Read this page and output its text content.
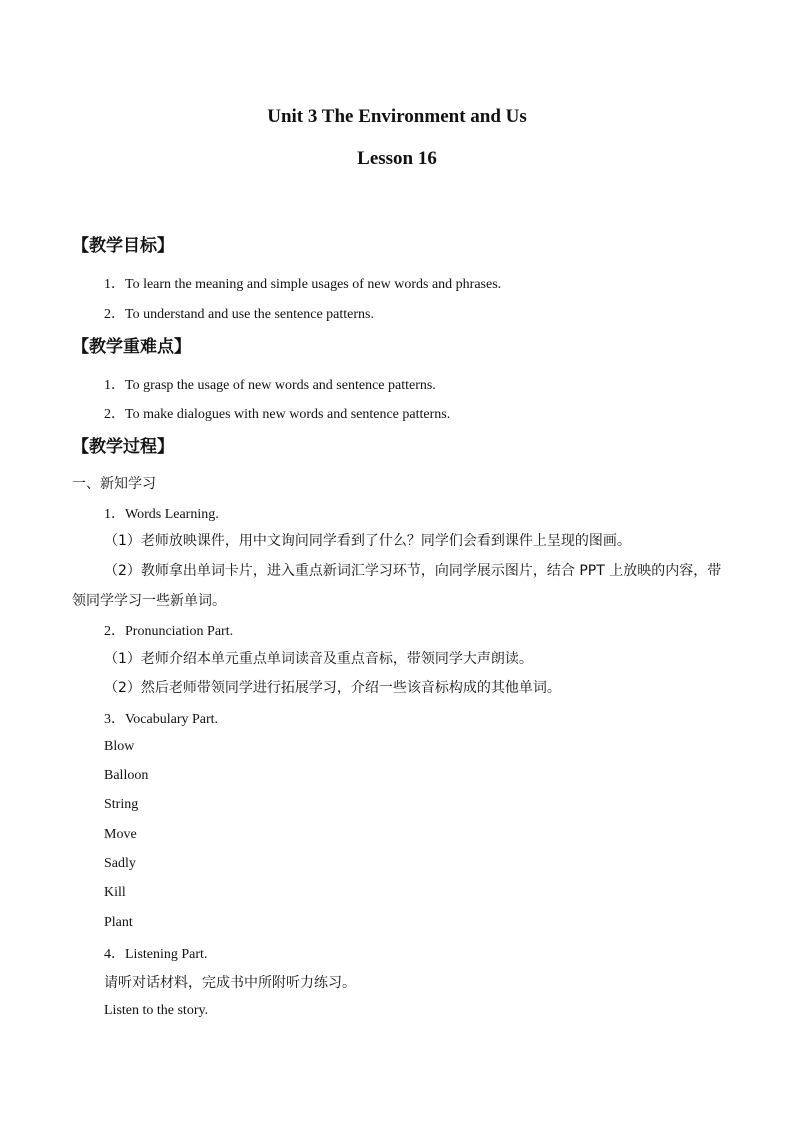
Unit 3 The Environment and Us
Lesson 16
【教学目标】
1．To learn the meaning and simple usages of new words and phrases.
2．To understand and use the sentence patterns.
【教学重难点】
1．To grasp the usage of new words and sentence patterns.
2．To make dialogues with new words and sentence patterns.
【教学过程】
一、新知学习
1．Words Learning.
（1）老师放映课件，用中文询问同学看到了什么？同学们会看到课件上呈现的图画。
（2）教师拿出单词卡片，进入重点新词汇学习环节，向同学展示图片，结合 PPT 上放映的内容，带领同学学习一些新单词。
2．Pronunciation Part.
（1）老师介绍本单元重点单词读音及重点音标，带领同学大声朗读。
（2）然后老师带领同学进行拓展学习，介绍一些该音标构成的其他单词。
3．Vocabulary Part.
Blow
Balloon
String
Move
Sadly
Kill
Plant
4．Listening Part.
请听对话材料，完成书中所附听力练习。
Listen to the story.
